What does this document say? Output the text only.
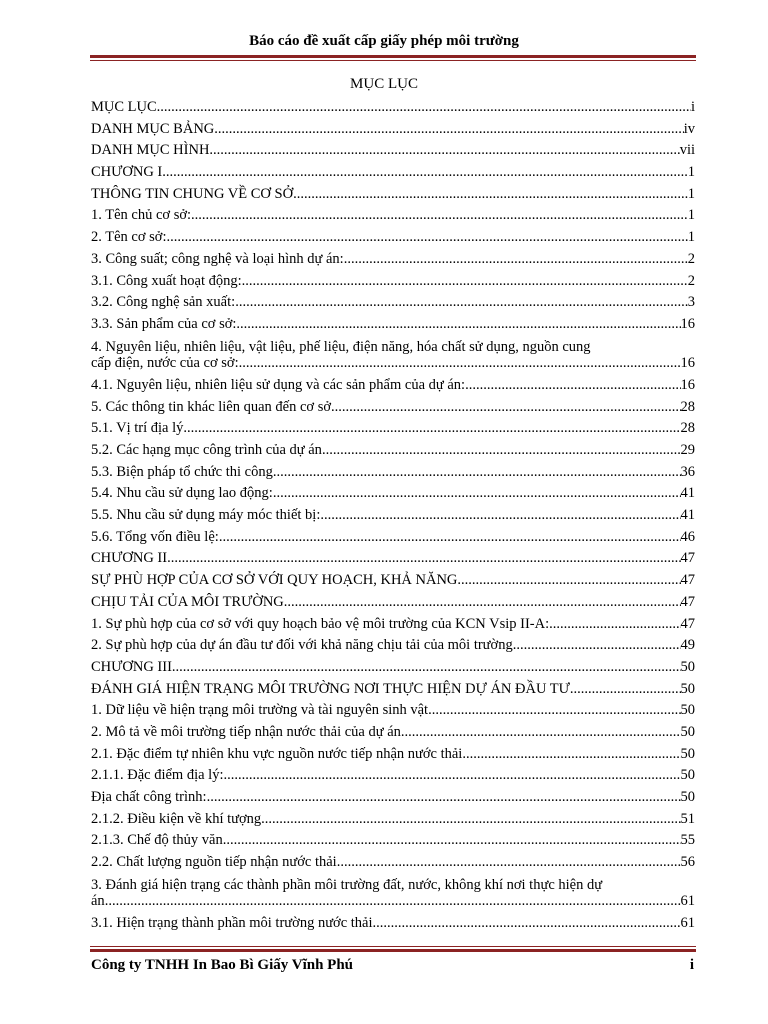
Báo cáo đề xuất cấp giấy phép môi trường
MỤC LỤC
MỤC LỤC .....	i
DANH MỤC BẢNG .....	iv
DANH MỤC HÌNH .....	vii
CHƯƠNG I .....	1
THÔNG TIN CHUNG VỀ CƠ SỞ .....	1
1. Tên chủ cơ sở: .....	1
2. Tên cơ sở: .....	1
3. Công suất; công nghệ và loại hình dự án: .....	2
3.1. Công xuất hoạt động: .....	2
3.2. Công nghệ sản xuất: .....	3
3.3. Sản phẩm của cơ sở: .....	16
4. Nguyên liệu, nhiên liệu, vật liệu, phế liệu, điện năng, hóa chất sử dụng, nguồn cung
cấp điện, nước của cơ sở: .....	16
4.1. Nguyên liệu, nhiên liệu sử dụng và các sản phẩm của dự án: .....	16
5. Các thông tin khác liên quan đến cơ sở .....	28
5.1. Vị trí địa lý .....	28
5.2. Các hạng mục công trình của dự án .....	29
5.3. Biện pháp tổ chức thi công .....	36
5.4. Nhu cầu sử dụng lao động: .....	41
5.5. Nhu cầu sử dụng máy móc thiết bị: .....	41
5.6. Tổng vốn điều lệ: .....	46
CHƯƠNG II .....	47
SỰ PHÙ HỢP CỦA CƠ SỞ VỚI QUY HOẠCH, KHẢ NĂNG .....	47
CHỊU TẢI CỦA MÔI TRƯỜNG .....	47
1. Sự phù hợp của cơ sở với quy hoạch bảo vệ môi trường của KCN Vsip II-A: .....	47
2. Sự phù hợp của dự án đầu tư đối với khả năng chịu tải của môi trường .....	49
CHƯƠNG III .....	50
ĐÁNH GIÁ HIỆN TRẠNG MÔI TRƯỜNG NƠI THỰC HIỆN DỰ ÁN ĐẦU TƯ .....	50
1. Dữ liệu về hiện trạng môi trường và tài nguyên sinh vật .....	50
2. Mô tả về môi trường tiếp nhận nước thải của dự án .....	50
2.1. Đặc điểm tự nhiên khu vực nguồn nước tiếp nhận nước thải .....	50
2.1.1. Đặc điểm địa lý: .....	50
Địa chất công trình: .....	50
2.1.2. Điều kiện về khí tượng .....	51
2.1.3. Chế độ thủy văn .....	55
2.2. Chất lượng nguồn tiếp nhận nước thải .....	56
3. Đánh giá hiện trạng các thành phần môi trường đất, nước, không khí nơi thực hiện dự
án .....	61
3.1. Hiện trạng thành phần môi trường nước thải .....	61
Công ty TNHH In Bao Bì Giấy Vĩnh Phú	i
